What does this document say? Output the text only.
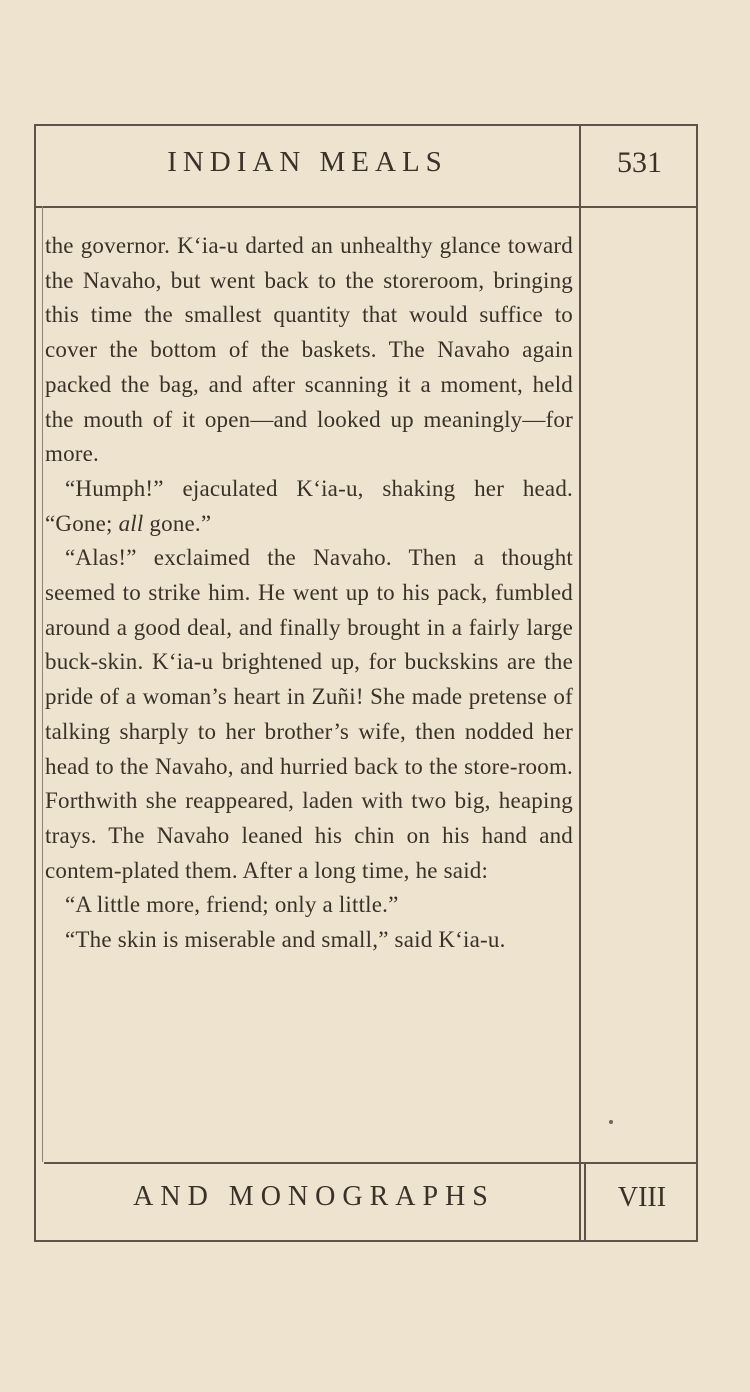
INDIAN MEALS	531

the governor. K‘ia-u darted an unhealthy glance toward the Navaho, but went back to the storeroom, bringing this time the smallest quantity that would suffice to cover the bottom of the baskets. The Navaho again packed the bag, and after scanning it a moment, held the mouth of it open—and looked up meaningly—for more.

“Humph!” ejaculated K‘ia-u, shaking her head. “Gone; all gone.”

“Alas!” exclaimed the Navaho. Then a thought seemed to strike him. He went up to his pack, fumbled around a good deal, and finally brought in a fairly large buck-skin. K‘ia-u brightened up, for buckskins are the pride of a woman’s heart in Zuñi! She made pretense of talking sharply to her brother’s wife, then nodded her head to the Navaho, and hurried back to the store-room. Forthwith she reappeared, laden with two big, heaping trays. The Navaho leaned his chin on his hand and contem-plated them. After a long time, he said:

“A little more, friend; only a little.”

“The skin is miserable and small,” said K‘ia-u.

AND MONOGRAPHS	VIII
